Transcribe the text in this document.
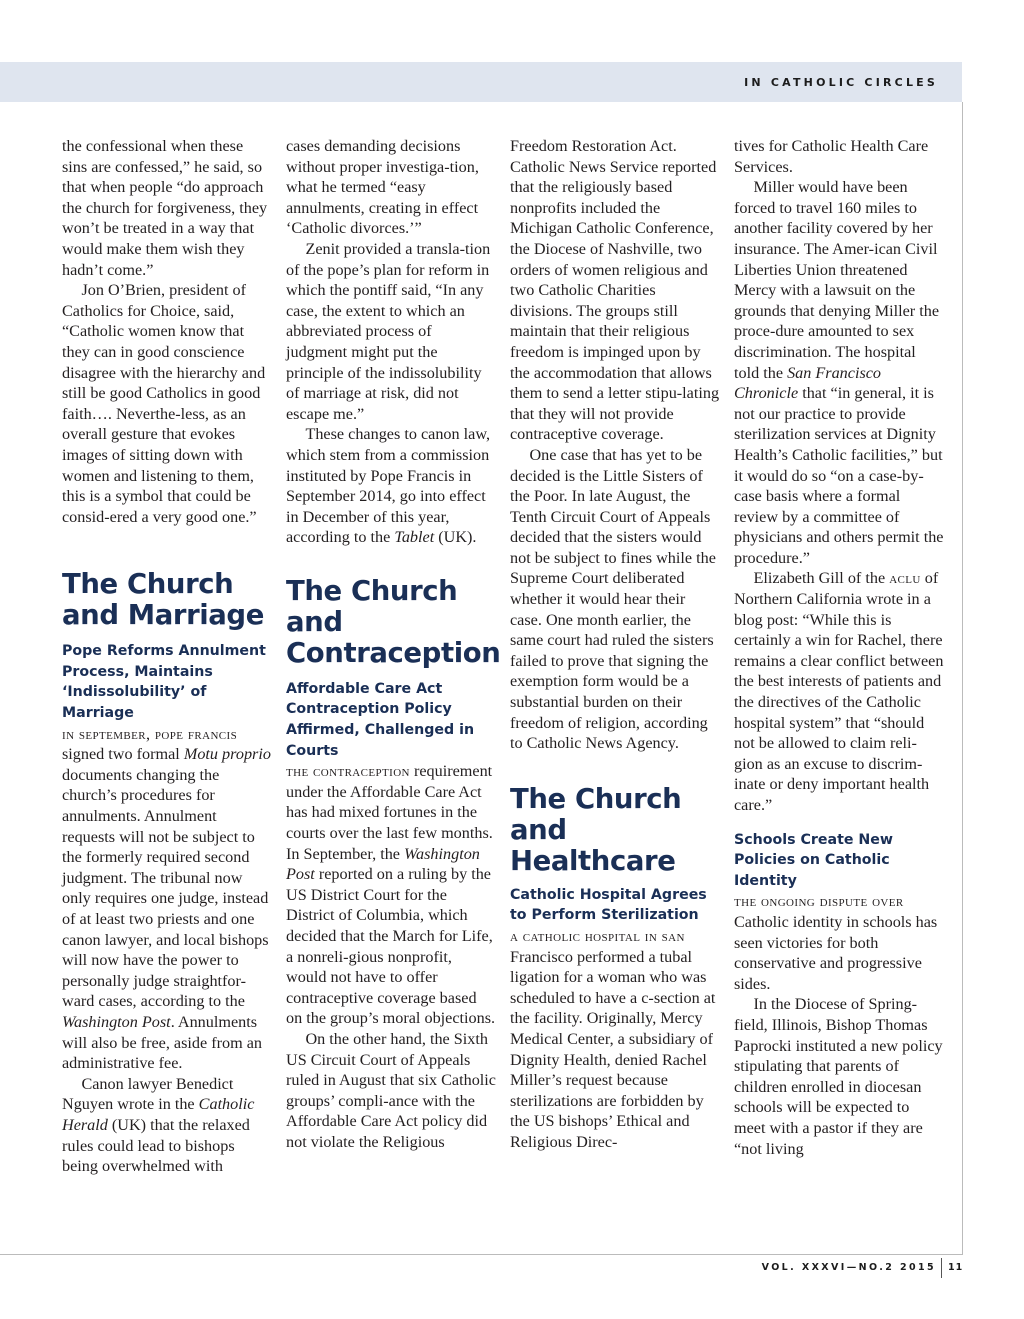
IN CATHOLIC CIRCLES

the confessional when these sins are confessed,” he said, so that when people “do approach the church for forgiveness, they won’t be treated in a way that would make them wish they hadn’t come.”

Jon O’Brien, president of Catholics for Choice, said, “Catholic women know that they can in good conscience disagree with the hierarchy and still be good Catholics in good faith…. Neverthe-less, as an overall gesture that evokes images of sitting down with women and listening to them, this is a symbol that could be consid-ered a very good one.”

The Church and Marriage
Pope Reforms Annulment Process, Maintains ‘Indissolubility’ of Marriage

in september, pope francis signed two formal Motu proprio documents changing the church’s procedures for annulments. Annulment requests will not be subject to the formerly required second judgment. The tribunal now only requires one judge, instead of at least two priests and one canon lawyer, and local bishops will now have the power to personally judge straightfor-ward cases, according to the Washington Post. Annulments will also be free, aside from an administrative fee.

Canon lawyer Benedict Nguyen wrote in the Catholic Herald (UK) that the relaxed rules could lead to bishops being overwhelmed with

cases demanding decisions without proper investiga-tion, what he termed “easy annulments, creating in effect ‘Catholic divorces.’”

Zenit provided a transla-tion of the pope’s plan for reform in which the pontiff said, “In any case, the extent to which an abbreviated process of judgment might put the principle of the indissolubility of marriage at risk, did not escape me.”

These changes to canon law, which stem from a commission instituted by Pope Francis in September 2014, go into effect in December of this year, according to the Tablet (UK).

The Church and Contraception
Affordable Care Act Contraception Policy Affirmed, Challenged in Courts

the contraception requirement under the Affordable Care Act has had mixed fortunes in the courts over the last few months. In September, the Washington Post reported on a ruling by the US District Court for the District of Columbia, which decided that the March for Life, a nonreli-gious nonprofit, would not have to offer contraceptive coverage based on the group’s moral objections.

On the other hand, the Sixth US Circuit Court of Appeals ruled in August that six Catholic groups’ compli-ance with the Affordable Care Act policy did not violate the Religious

Freedom Restoration Act. Catholic News Service reported that the religiously based nonprofits included the Michigan Catholic Conference, the Diocese of Nashville, two orders of women religious and two Catholic Charities divisions. The groups still maintain that their religious freedom is impinged upon by the accommodation that allows them to send a letter stipu-lating that they will not provide contraceptive coverage.

One case that has yet to be decided is the Little Sisters of the Poor. In late August, the Tenth Circuit Court of Appeals decided that the sisters would not be subject to fines while the Supreme Court deliberated whether it would hear their case. One month earlier, the same court had ruled the sisters failed to prove that signing the exemption form would be a substantial burden on their freedom of religion, according to Catholic News Agency.

The Church and Healthcare
Catholic Hospital Agrees to Perform Sterilization

a catholic hospital in san Francisco performed a tubal ligation for a woman who was scheduled to have a c-section at the facility. Originally, Mercy Medical Center, a subsidiary of Dignity Health, denied Rachel Miller’s request because sterilizations are forbidden by the US bishops’ Ethical and Religious Direc-

tives for Catholic Health Care Services.

Miller would have been forced to travel 160 miles to another facility covered by her insurance. The Amer-ican Civil Liberties Union threatened Mercy with a lawsuit on the grounds that denying Miller the proce-dure amounted to sex discrimination. The hospital told the San Francisco Chronicle that “in general, it is not our practice to provide sterilization services at Dignity Health’s Catholic facilities,” but it would do so “on a case-by-case basis where a formal review by a committee of physicians and others permit the procedure.”

Elizabeth Gill of the aclu of Northern California wrote in a blog post: “While this is certainly a win for Rachel, there remains a clear conflict between the best interests of patients and the directives of the Catholic hospital system” that “should not be allowed to claim reli-gion as an excuse to discrim-inate or deny important health care.”

Schools Create New Policies on Catholic Identity

the ongoing dispute over Catholic identity in schools has seen victories for both conservative and progressive sides.

In the Diocese of Spring-field, Illinois, Bishop Thomas Paprocki instituted a new policy stipulating that parents of children enrolled in diocesan schools will be expected to meet with a pastor if they are “not living

VOL. XXXVI—NO.2 2015 11
